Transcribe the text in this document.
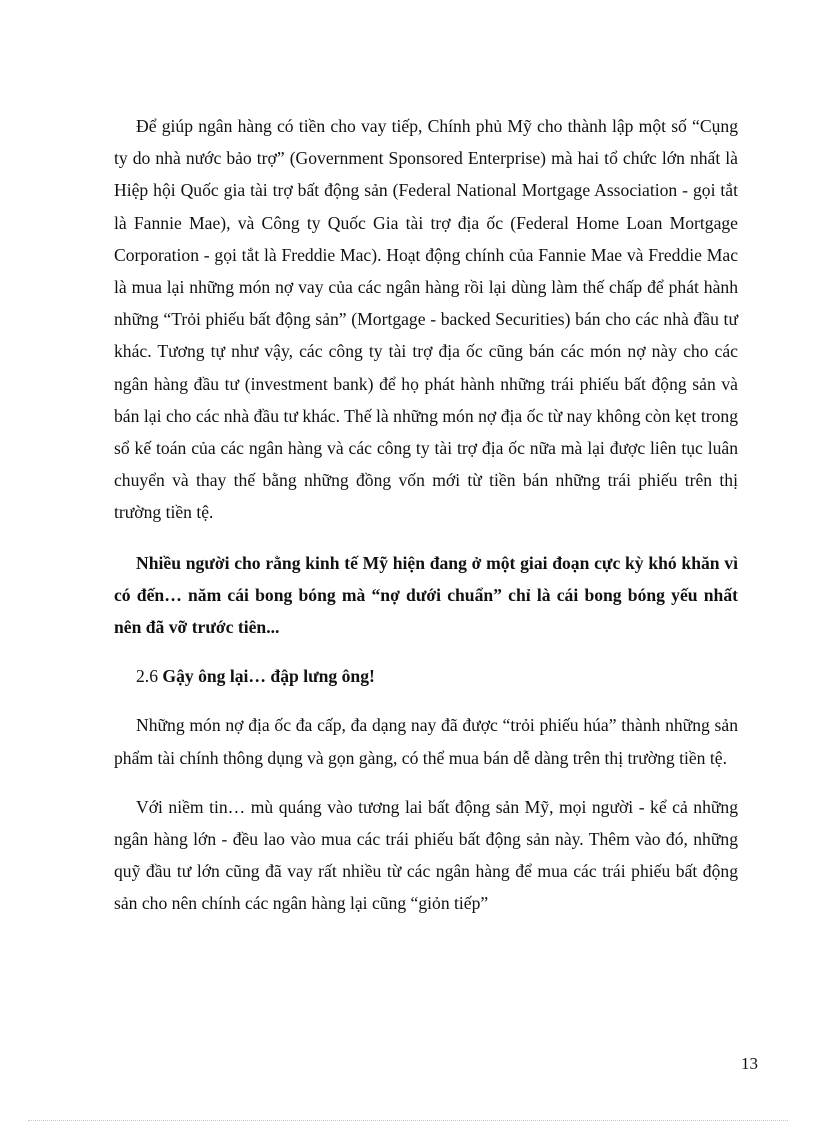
Để giúp ngân hàng có tiền cho vay tiếp, Chính phủ Mỹ cho thành lập một số “Cụng ty do nhà nước bảo trợ” (Government Sponsored Enterprise) mà hai tổ chức lớn nhất là Hiệp hội Quốc gia tài trợ bất động sản (Federal National Mortgage Association - gọi tắt là Fannie Mae), và Công ty Quốc Gia tài trợ địa ốc (Federal Home Loan Mortgage Corporation - gọi tắt là Freddie Mac). Hoạt động chính của Fannie Mae và Freddie Mac là mua lại những món nợ vay của các ngân hàng rồi lại dùng làm thế chấp để phát hành những “Trỏi phiếu bất động sản” (Mortgage - backed Securities) bán cho các nhà đầu tư khác. Tương tự như vậy, các công ty tài trợ địa ốc cũng bán các món nợ này cho các ngân hàng đầu tư (investment bank) để họ phát hành những trái phiếu bất động sản và bán lại cho các nhà đầu tư khác. Thế là những món nợ địa ốc từ nay không còn kẹt trong sổ kế toán của các ngân hàng và các công ty tài trợ địa ốc nữa mà lại được liên tục luân chuyển và thay thế bằng những đồng vốn mới từ tiền bán những trái phiếu trên thị trường tiền tệ.

Nhiều người cho rằng kinh tế Mỹ hiện đang ở một giai đoạn cực kỳ khó khăn vì có đến… năm cái bong bóng mà “nợ dưới chuẩn” chỉ là cái bong bóng yếu nhất nên đã vỡ trước tiên...

2.6 Gậy ông lại… đập lưng ông!

Những món nợ địa ốc đa cấp, đa dạng nay đã được “trỏi phiếu húa” thành những sản phẩm tài chính thông dụng và gọn gàng, có thể mua bán dễ dàng trên thị trường tiền tệ.

Với niềm tin… mù quáng vào tương lai bất động sản Mỹ, mọi người - kể cả những ngân hàng lớn - đều lao vào mua các trái phiếu bất động sản này. Thêm vào đó, những quỹ đầu tư lớn cũng đã vay rất nhiều từ các ngân hàng để mua các trái phiếu bất động sản cho nên chính các ngân hàng lại cũng “giỏn tiếp”

13
